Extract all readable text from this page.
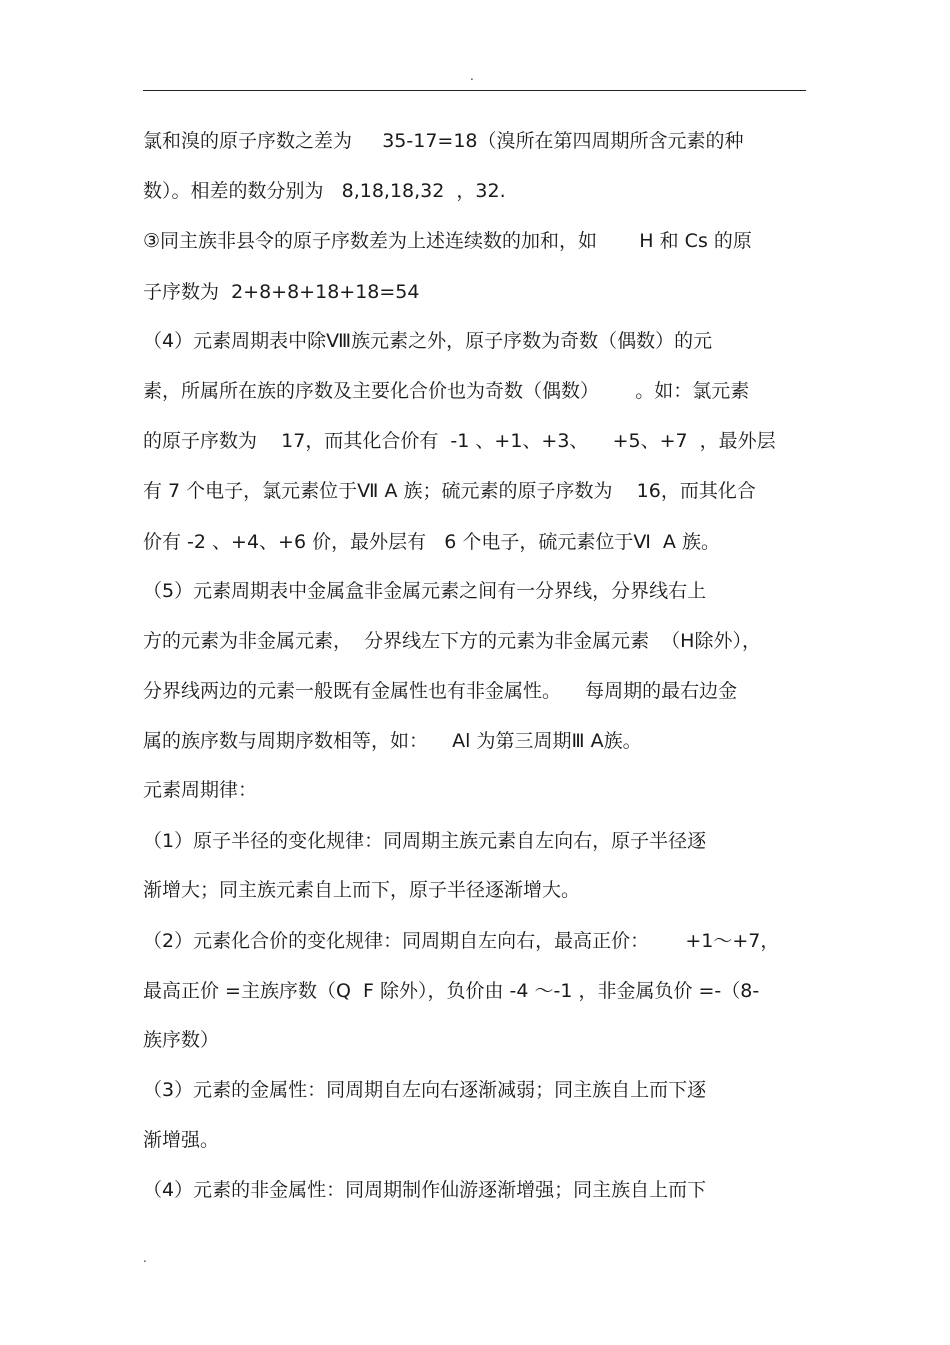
.
氯和溴的原子序数之差为     35-17=18（溴所在第四周期所含元素的种
数）。相差的数分别为   8,18,18,32  ，32.
③同主族非县令的原子序数差为上述连续数的加和，如       H 和 Cs 的原
子序数为  2+8+8+18+18=54
（4）元素周期表中除Ⅷ族元素之外，原子序数为奇数（偶数）的元
素，所属所在族的序数及主要化合价也为奇数（偶数）      。如：氯元素
的原子序数为    17，而其化合价有  -1 、+1、+3、    +5、+7  ，最外层
有 7 个电子，氯元素位于Ⅶ A 族；硫元素的原子序数为    16，而其化合
价有 -2 、+4、+6 价，最外层有   6 个电子，硫元素位于Ⅵ  A 族。
（5）元素周期表中金属盒非金属元素之间有一分界线，分界线右上
方的元素为非金属元素，  分界线左下方的元素为非金属元素  （H除外），
分界线两边的元素一般既有金属性也有非金属性。    每周期的最右边金
属的族序数与周期序数相等，如：    Al 为第三周期Ⅲ A族。
元素周期律：
（1）原子半径的变化规律：同周期主族元素自左向右，原子半径逐
渐增大；同主族元素自上而下，原子半径逐渐增大。
（2）元素化合价的变化规律：同周期自左向右，最高正价：      +1～+7，
最高正价 =主族序数（Q  F 除外），负价由 -4 ～-1 ，非金属负价 =-（8-
族序数）
（3）元素的金属性：同周期自左向右逐渐减弱；同主族自上而下逐
渐增强。
（4）元素的非金属性：同周期制作仙游逐渐增强；同主族自上而下
.
